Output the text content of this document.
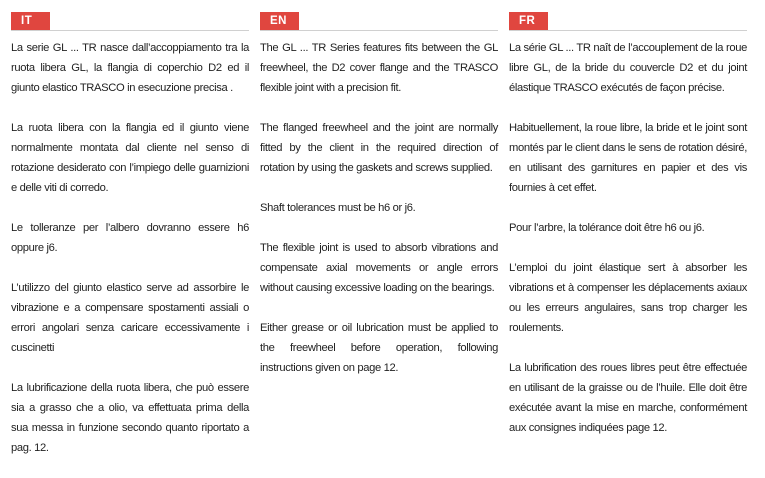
IT

La serie GL ... TR nasce dall’accoppiamento tra la ruota libera GL, la flangia di coperchio D2 ed il giunto elastico TRASCO in esecuzione precisa .

La ruota libera con la flangia ed il giunto viene normalmente montata dal cliente nel senso di rotazione desiderato con l’impiego delle guarnizioni e delle viti di corredo.

Le tolleranze per l’albero dovranno essere h6 oppure j6.

L’utilizzo del giunto elastico serve ad assorbire le vibrazione e a compensare spostamenti assiali o errori angolari senza caricare eccessivamente i cuscinetti

La lubrificazione della ruota libera, che può essere sia a grasso che a olio, va effettuata prima della sua messa in funzione secondo quanto riportato a pag. 12.

EN

The GL ... TR Series features fits between the GL freewheel, the D2 cover flange and the TRASCO flexible joint with a precision fit.

The flanged freewheel and the joint are normally fitted by the client in the required direction of rotation by using the gaskets and screws supplied.

Shaft tolerances must be h6 or j6.

The flexible joint is used to absorb vibrations and compensate axial movements or angle errors without causing excessive loading on the bearings.

Either grease or oil lubrication must be applied to the freewheel before operation, following instructions given on page 12.

FR

La série GL ... TR naît de l’accouplement de la roue libre GL, de la bride du couvercle D2 et du joint élastique TRASCO exécutés de façon précise.

Habituellement, la roue libre, la bride et le joint sont montés par le client dans le sens de rotation désiré, en utilisant des garnitures en papier et des vis fournies à cet effet.

Pour l’arbre, la tolérance doit être h6 ou j6.

L’emploi du joint élastique sert à absorber les vibrations et à compenser les déplacements axiaux ou les erreurs angulaires, sans trop charger les roulements.

La lubrification des roues libres peut être effectuée en utilisant de la graisse ou de l’huile. Elle doit être exécutée avant la mise en marche, conformément aux consignes indiquées page 12.
